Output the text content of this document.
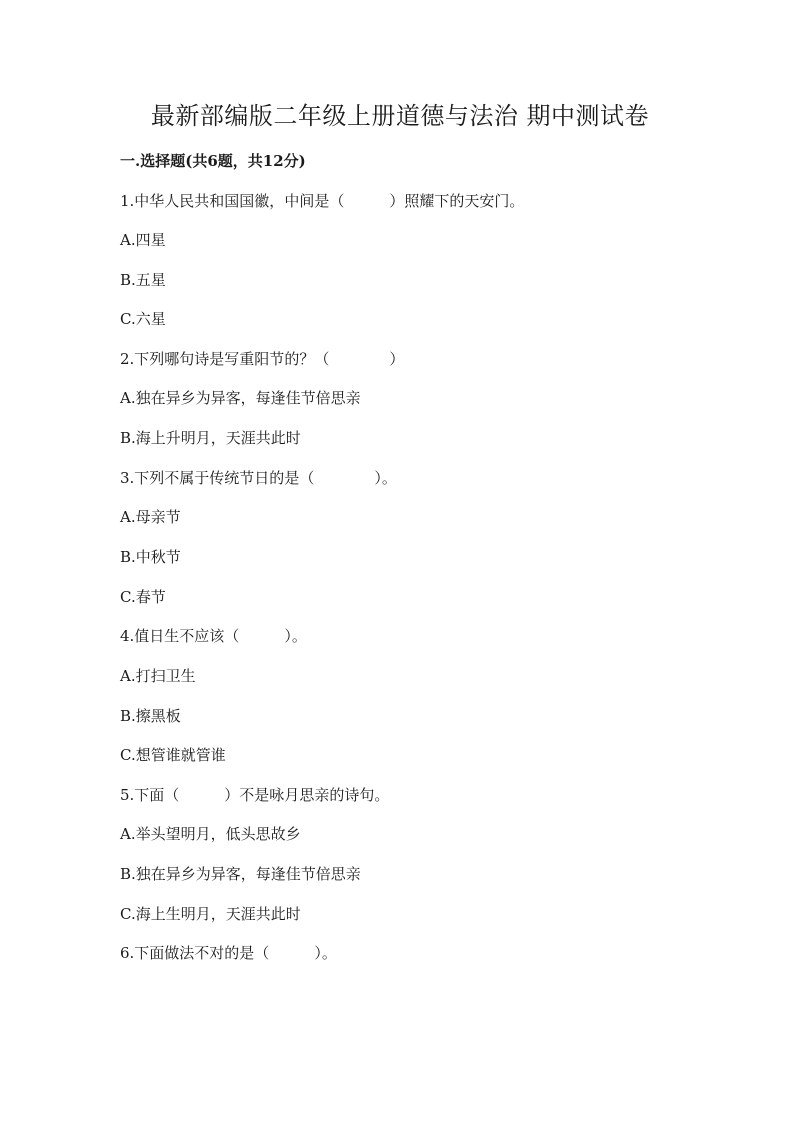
最新部编版二年级上册道德与法治 期中测试卷

一.选择题(共6题，共12分)

1.中华人民共和国国徽，中间是（　　　）照耀下的天安门。

A.四星

B.五星

C.六星

2.下列哪句诗是写重阳节的？（　　　　）

A.独在异乡为异客，每逢佳节倍思亲

B.海上升明月，天涯共此时

3.下列不属于传统节日的是（　　　　）。

A.母亲节

B.中秋节

C.春节

4.值日生不应该（　　　）。

A.打扫卫生

B.擦黑板

C.想管谁就管谁

5.下面（　　　）不是咏月思亲的诗句。

A.举头望明月，低头思故乡

B.独在异乡为异客，每逢佳节倍思亲

C.海上生明月，天涯共此时

6.下面做法不对的是（　　　）。
